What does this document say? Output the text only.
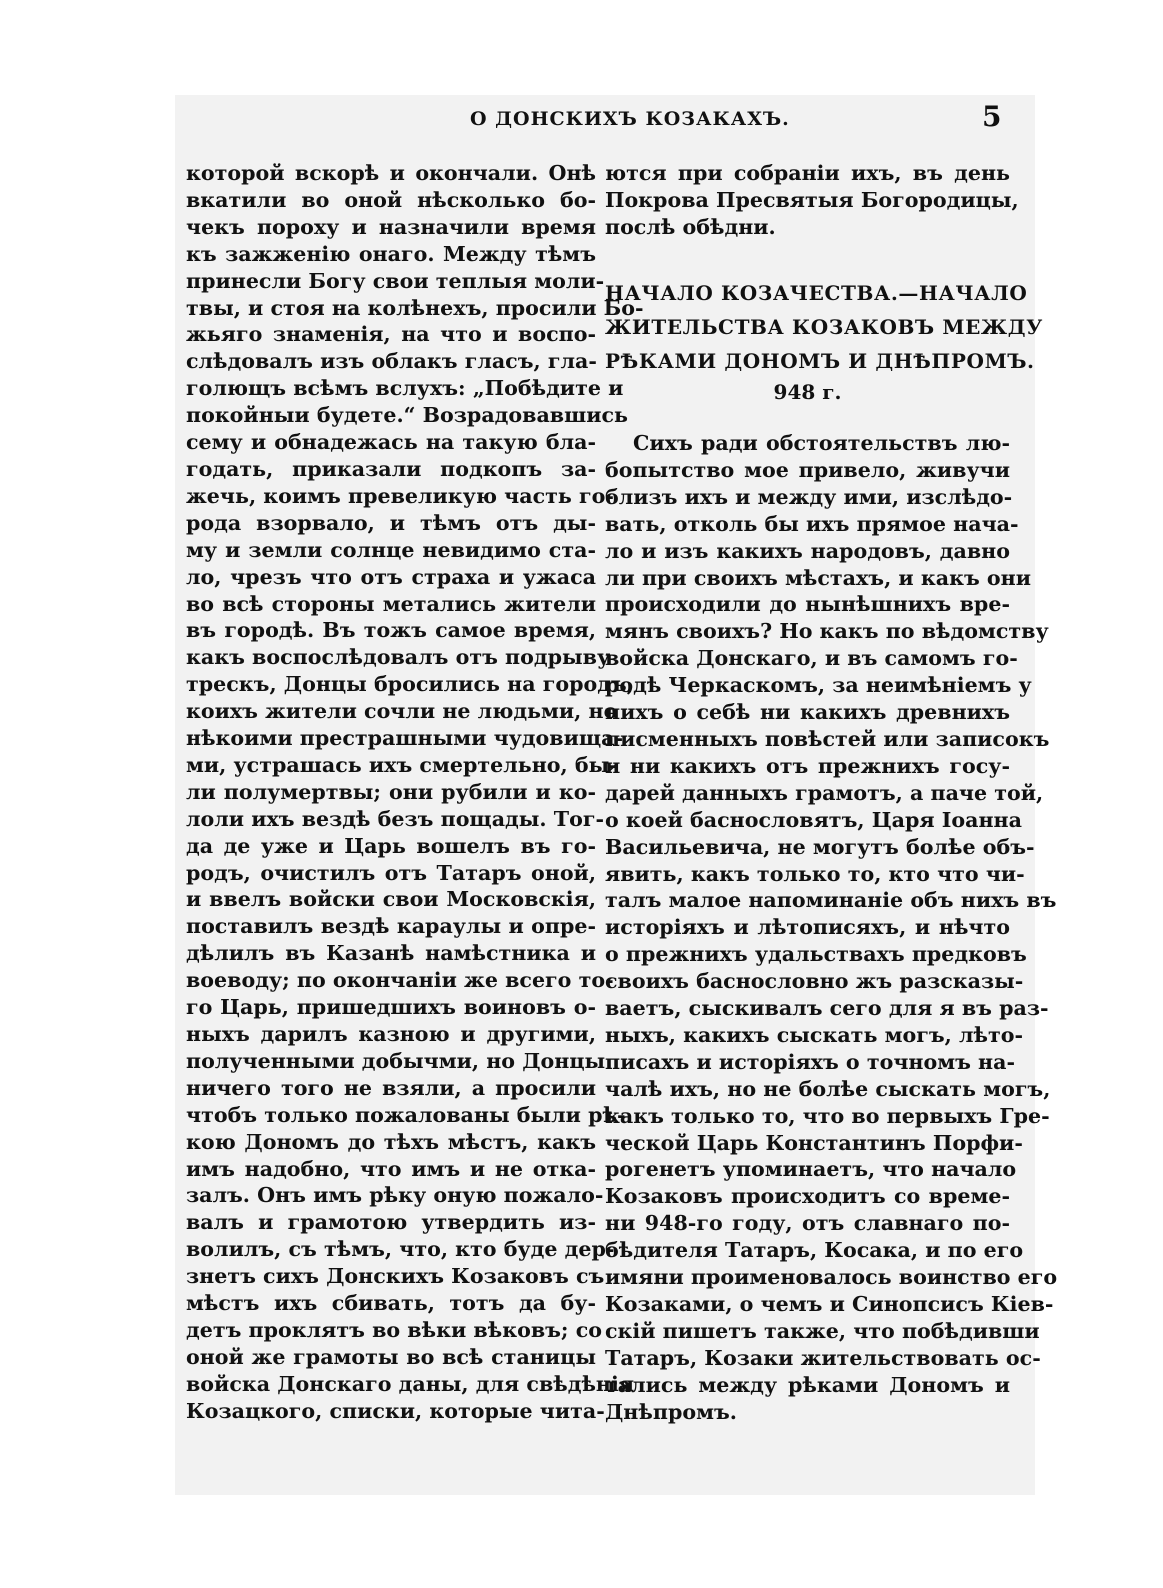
О ДОНСКИХЪ КОЗАКАХЪ.	5
которой вскорѣ и окончали. Онѣ
вкатили во оной нѣсколько бо-
чекъ пороху и назначили время
къ зажженію онаго. Между тѣмъ
принесли Богу свои теплыя моли-
твы, и стоя на колѣнехъ, просили Бо-
жьяго знаменія, на что и воспо-
слѣдовалъ изъ облакъ гласъ, гла-
голющъ всѣмъ вслухъ: „Побѣдите и
покойныи будете.“ Возрадовавшись
сему и обнадежась на такую бла-
годать, приказали подкопъ за-
жечь, коимъ превеликую часть го-
рода взорвало, и тѣмъ отъ ды-
му и земли солнце невидимо ста-
ло, чрезъ что отъ страха и ужаса
во всѣ стороны метались жители
въ городѣ. Въ тожъ самое время,
какъ воспослѣдовалъ отъ подрыву
трескъ, Донцы бросились на городъ,
коихъ жители сочли не людьми, но
нѣкоими престрашными чудовища-
ми, устрашась ихъ смертельно, бы-
ли полумертвы; они рубили и ко-
лоли ихъ вездѣ безъ пощады. Тог-
да де уже и Царь вошелъ въ го-
родъ, очистилъ отъ Татаръ оной,
и ввелъ войски свои Московскія,
поставилъ вездѣ караулы и опре-
дѣлилъ въ Казанѣ намѣстника и
воеводу; по окончаніи же всего то-
го Царь, пришедшихъ воиновъ о-
ныхъ дарилъ казною и другими,
полученными добычми, но Донцы
ничего того не взяли, а просили
чтобъ только пожалованы были рѣ-
кою Дономъ до тѣхъ мѣстъ, какъ
имъ надобно, что имъ и не отка-
залъ. Онъ имъ рѣку оную пожало-
валъ и грамотою утвердить из-
волилъ, съ тѣмъ, что, кто буде дер-
знетъ сихъ Донскихъ Козаковъ съ
мѣстъ ихъ сбивать, тотъ да бу-
детъ проклятъ во вѣки вѣковъ; со
оной же грамоты во всѣ станицы
войска Донскаго даны, для свѣдѣнія
Козацкого, списки, которые чита-
ются при собраніи ихъ, въ день
Покрова Пресвятыя Богородицы,
послѣ обѣдни.
НАЧАЛО КОЗАЧЕСТВА.—НАЧАЛО
ЖИТЕЛЬСТВА КОЗАКОВЪ МЕЖДУ
РѢКАМИ ДОНОМЪ И ДНѢПРОМЪ.
948 г.
Сихъ ради обстоятельствъ лю-
бопытство мое привело, живучи
близъ ихъ и между ими, изслѣдо-
вать, отколь бы ихъ прямое нача-
ло и изъ какихъ народовъ, давно
ли при своихъ мѣстахъ, и какъ они
происходили до нынѣшнихъ вре-
мянъ своихъ? Но какъ по вѣдомству
войска Донскаго, и въ самомъ го-
родѣ Черкаскомъ, за неимѣніемъ у
нихъ о себѣ ни какихъ древнихъ
писменныхъ повѣстей или записокъ
и ни какихъ отъ прежнихъ госу-
дарей данныхъ грамотъ, а паче той,
о коей баснословятъ, Царя Іоанна
Васильевича, не могутъ болѣе объ-
явить, какъ только то, кто что чи-
талъ малое напоминаніе объ нихъ въ
исторіяхъ и лѣтописяхъ, и нѣчто
о прежнихъ удальствахъ предковъ
своихъ баснословно жъ разсказы-
ваетъ, сыскивалъ сего для я въ раз-
ныхъ, какихъ сыскать могъ, лѣто-
писахъ и исторіяхъ о точномъ на-
чалѣ ихъ, но не болѣе сыскать могъ,
какъ только то, что во первыхъ Гре-
ческой Царь Константинъ Порфи-
рогенетъ упоминаетъ, что начало
Козаковъ происходитъ со време-
ни 948-го году, отъ славнаго по-
бѣдителя Татаръ, Косака, и по его
имяни проименовалось воинство его
Козаками, о чемъ и Синопсисъ Кіев-
скій пишетъ также, что побѣдивши
Татаръ, Козаки жительствовать ос-
тались между рѣками Дономъ и
Днѣпромъ.
